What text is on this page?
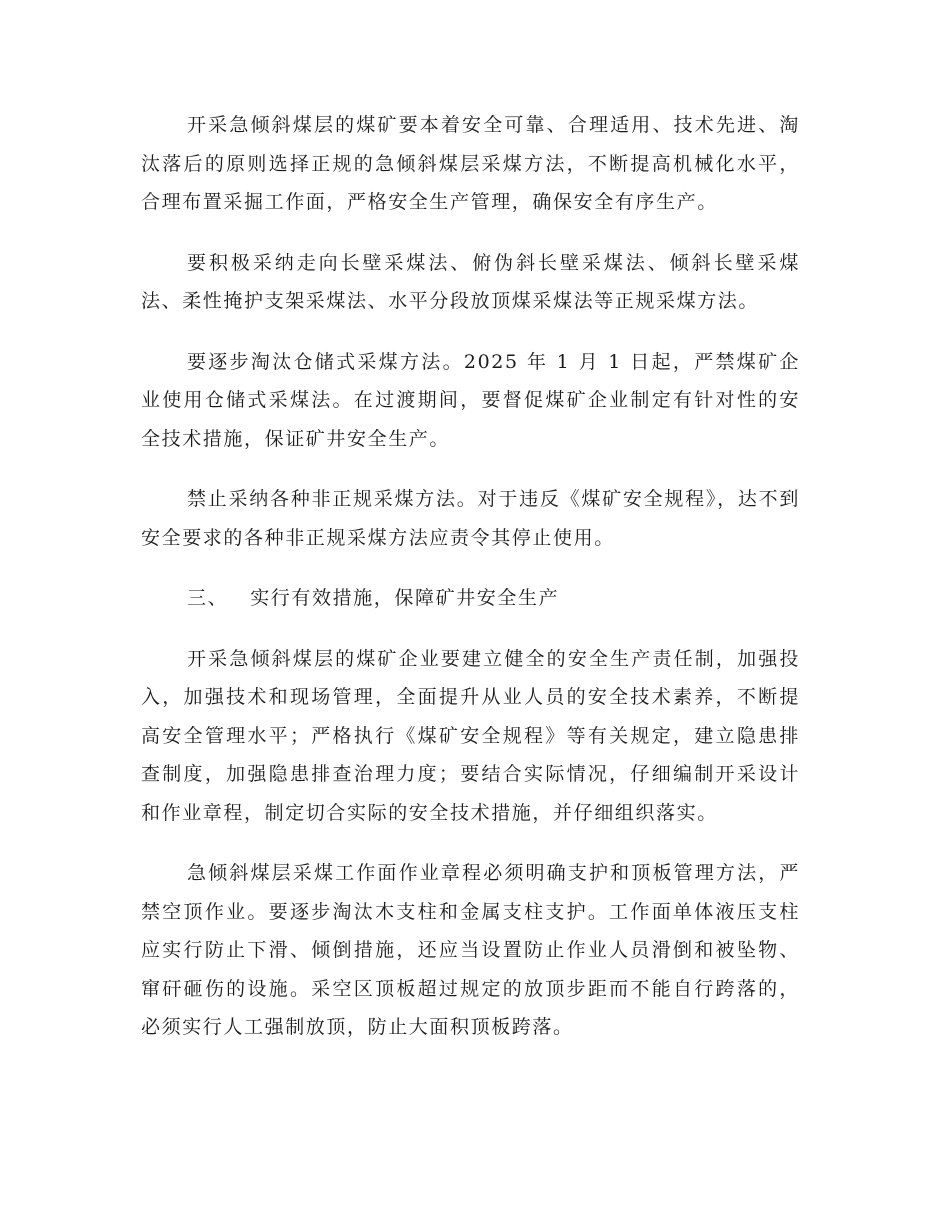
开采急倾斜煤层的煤矿要本着安全可靠、合理适用、技术先进、淘汰落后的原则选择正规的急倾斜煤层采煤方法，不断提高机械化水平，合理布置采掘工作面，严格安全生产管理，确保安全有序生产。

要积极采纳走向长壁采煤法、俯伪斜长壁采煤法、倾斜长壁采煤法、柔性掩护支架采煤法、水平分段放顶煤采煤法等正规采煤方法。

要逐步淘汰仓储式采煤方法。2025 年 1 月 1 日起，严禁煤矿企业使用仓储式采煤法。在过渡期间，要督促煤矿企业制定有针对性的安全技术措施，保证矿井安全生产。

禁止采纳各种非正规采煤方法。对于违反《煤矿安全规程》，达不到安全要求的各种非正规采煤方法应责令其停止使用。

三、 实行有效措施，保障矿井安全生产

开采急倾斜煤层的煤矿企业要建立健全的安全生产责任制，加强投入，加强技术和现场管理，全面提升从业人员的安全技术素养，不断提高安全管理水平；严格执行《煤矿安全规程》等有关规定，建立隐患排查制度，加强隐患排查治理力度；要结合实际情况，仔细编制开采设计和作业章程，制定切合实际的安全技术措施，并仔细组织落实。

急倾斜煤层采煤工作面作业章程必须明确支护和顶板管理方法，严禁空顶作业。要逐步淘汰木支柱和金属支柱支护。工作面单体液压支柱应实行防止下滑、倾倒措施，还应当设置防止作业人员滑倒和被坠物、窜矸砸伤的设施。采空区顶板超过规定的放顶步距而不能自行跨落的，必须实行人工强制放顶，防止大面积顶板跨落。
